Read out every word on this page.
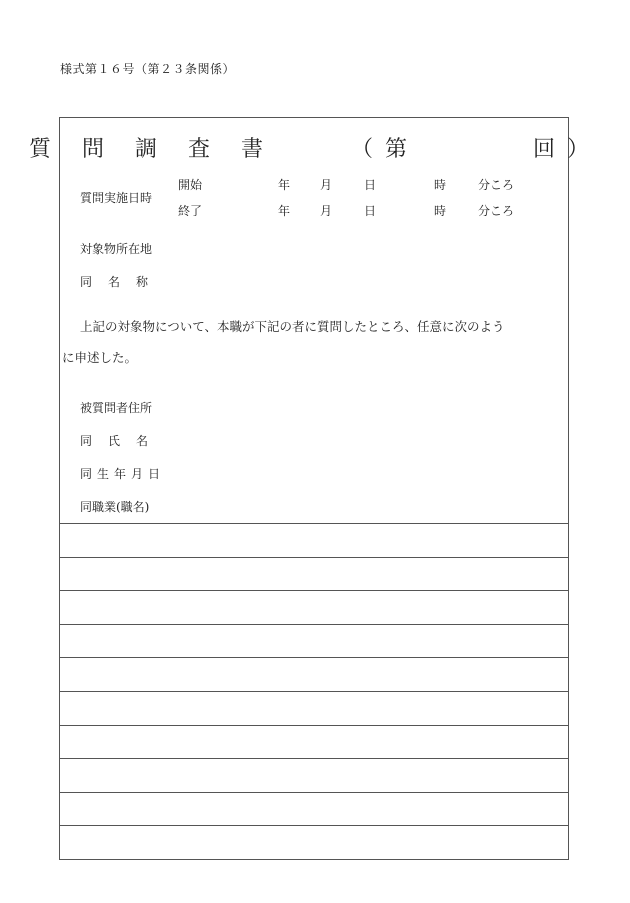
様式第１６号（第２３条関係）
質 問 調 査 書	（第	回）
質問実施日時
開始	年 月	日	時	分ころ
終了	年 月	日	時	分ころ
対象物所在地
同　名　称
上記の対象物について、本職が下記の者に質問したところ、任意に次のよう
に申述した。
被質問者住所
同　氏　名
同生年月日
同職業(職名)
